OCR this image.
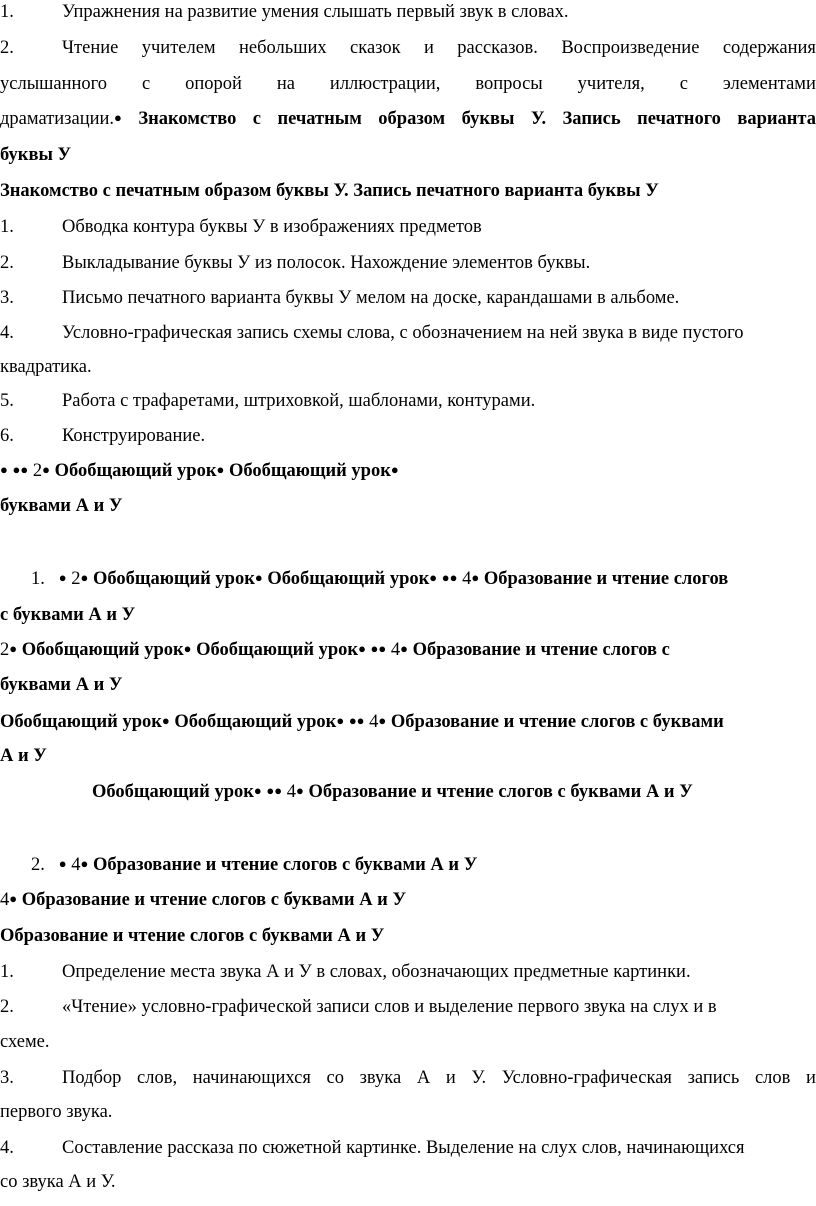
1.	Упражнения на развитие умения слышать первый звук в словах.
2.	Чтение учителем небольших сказок и рассказов. Воспроизведение содержания
услышанного с опорой на иллюстрации, вопросы учителя, с элементами
драматизации.● Знакомство с печатным образом буквы У. Запись печатного варианта
буквы У
Знакомство с печатным образом буквы У. Запись печатного варианта буквы У
1.	Обводка контура буквы У в изображениях предметов
2.	Выкладывание буквы У из полосок. Нахождение элементов буквы.
3.	Письмо печатного варианта буквы У мелом на доске, карандашами в альбоме.
4.	Условно-графическая запись схемы слова, с обозначением на ней звука в виде пустого
квадратика.
5.	Работа с трафаретами, штриховкой, шаблонами, контурами.
6.	Конструирование.
● ●● 2● Обобщающий урок● Обобщающий урок●
буквами А и У
1. ● 2● Обобщающий урок● Обобщающий урок● ●● 4● Образование и чтение слогов
с буквами А и У
2● Обобщающий урок● Обобщающий урок● ●● 4● Образование и чтение слогов с
буквами А и У
Обобщающий урок● Обобщающий урок● ●● 4● Образование и чтение слогов с буквами
А и У
Обобщающий урок● ●● 4● Образование и чтение слогов с буквами А и У
2. ● 4● Образование и чтение слогов с буквами А и У
4● Образование и чтение слогов с буквами А и У
Образование и чтение слогов с буквами А и У
1.	Определение места звука А и У в словах, обозначающих предметные картинки.
2.	«Чтение» условно-графической записи слов и выделение первого звука на слух и в
схеме.
3.	Подбор слов, начинающихся со звука А и У. Условно-графическая запись слов и
первого звука.
4.	Составление рассказа по сюжетной картинке. Выделение на слух слов, начинающихся
со звука А и У.
